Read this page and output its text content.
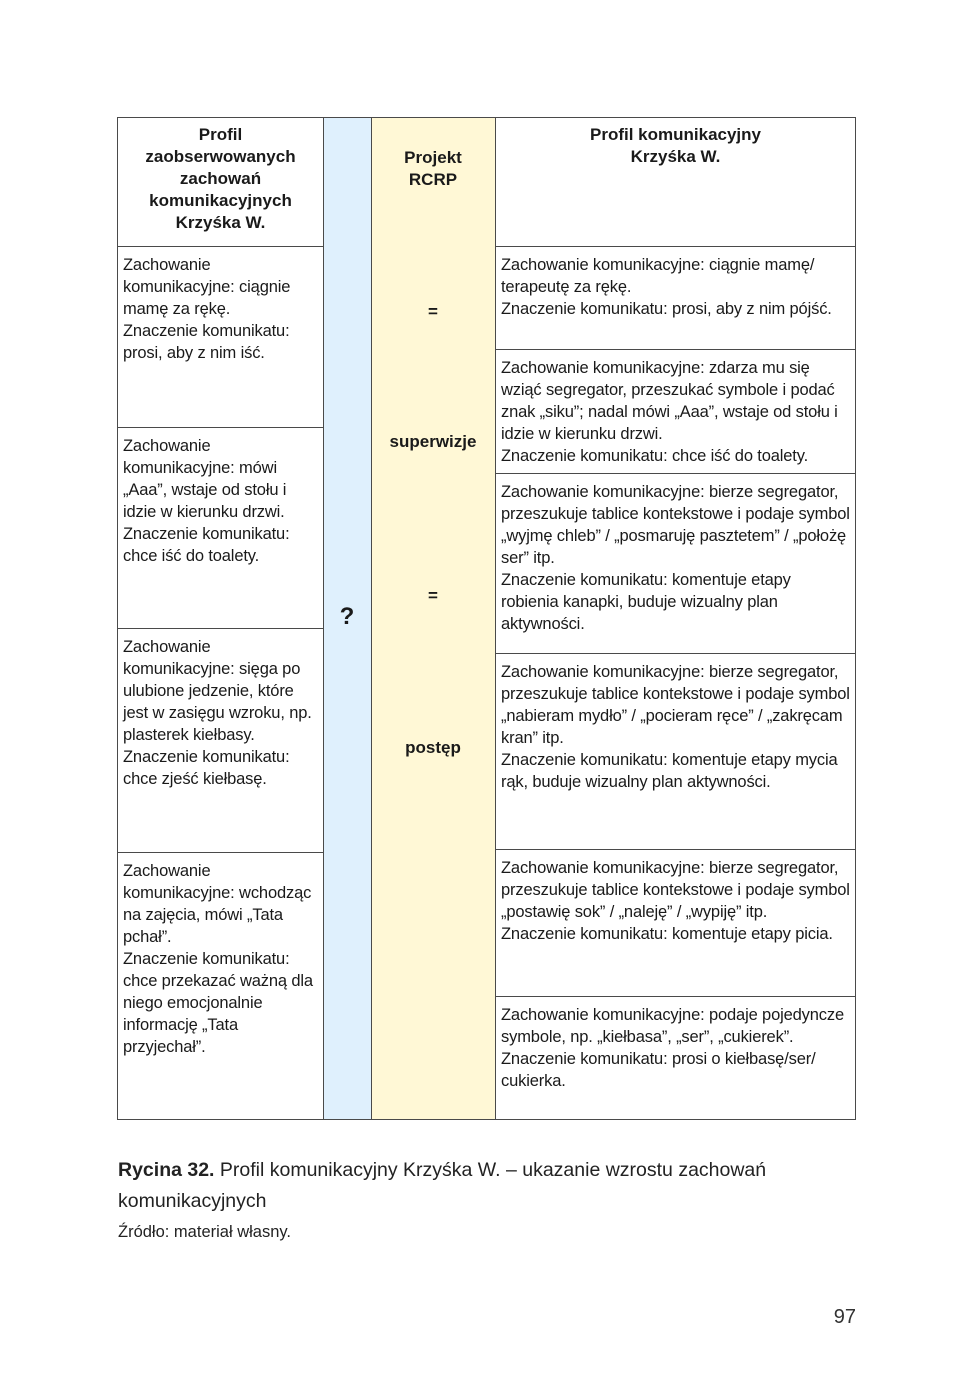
Profil
zaobserwowanych
zachowań
komunikacyjnych
Krzyśka W.
?
Projekt
RCRP
=
superwizje
=
postęp
Profil komunikacyjny
Krzyśka W.

Zachowanie komunikacyjne: ciągnie mamę za rękę.

Znaczenie komunikatu: prosi, aby z nim iść.

Zachowanie komunikacyjne: mówi „Aaa”, wstaje od stołu i idzie w kierunku drzwi.

Znaczenie komunikatu: chce iść do toalety.

Zachowanie komunikacyjne: sięga po ulubione jedzenie, które jest w zasięgu wzroku, np. plasterek kiełbasy.

Znaczenie komunikatu: chce zjeść kiełbasę.

Zachowanie komunikacyjne: wchodząc na zajęcia, mówi „Tata pchał”.

Znaczenie komunikatu: chce przekazać ważną dla niego emocjonalnie informację „Tata przyjechał”.

Zachowanie komunikacyjne: ciągnie mamę/ terapeutę za rękę.

Znaczenie komunikatu: prosi, aby z nim pójść.

Zachowanie komunikacyjne: zdarza mu się wziąć segregator, przeszukać symbole i podać znak „siku”; nadal mówi „Aaa”, wstaje od stołu i idzie w kierunku drzwi.

Znaczenie komunikatu: chce iść do toalety.

Zachowanie komunikacyjne: bierze segregator, przeszukuje tablice kontekstowe i podaje symbol „wyjmę chleb” / „posmaruję pasztetem” / „położę ser” itp.

Znaczenie komunikatu: komentuje etapy robienia kanapki, buduje wizualny plan aktywności.

Zachowanie komunikacyjne: bierze segregator, przeszukuje tablice kontekstowe i podaje symbol „nabieram mydło” / „pocieram ręce” / „zakręcam kran” itp.

Znaczenie komunikatu: komentuje etapy mycia rąk, buduje wizualny plan aktywności.

Zachowanie komunikacyjne: bierze segregator, przeszukuje tablice kontekstowe i podaje symbol „postawię sok” / „naleję” / „wypiję” itp.

Znaczenie komunikatu: komentuje etapy picia.

Zachowanie komunikacyjne: podaje pojedyncze symbole, np. „kiełbasa”, „ser”, „cukierek”.

Znaczenie komunikatu: prosi o kiełbasę/ser/ cukierka.

Rycina 32. Profil komunikacyjny Krzyśka W. – ukazanie wzrostu zachowań komunikacyjnych
Źródło: materiał własny.
97
